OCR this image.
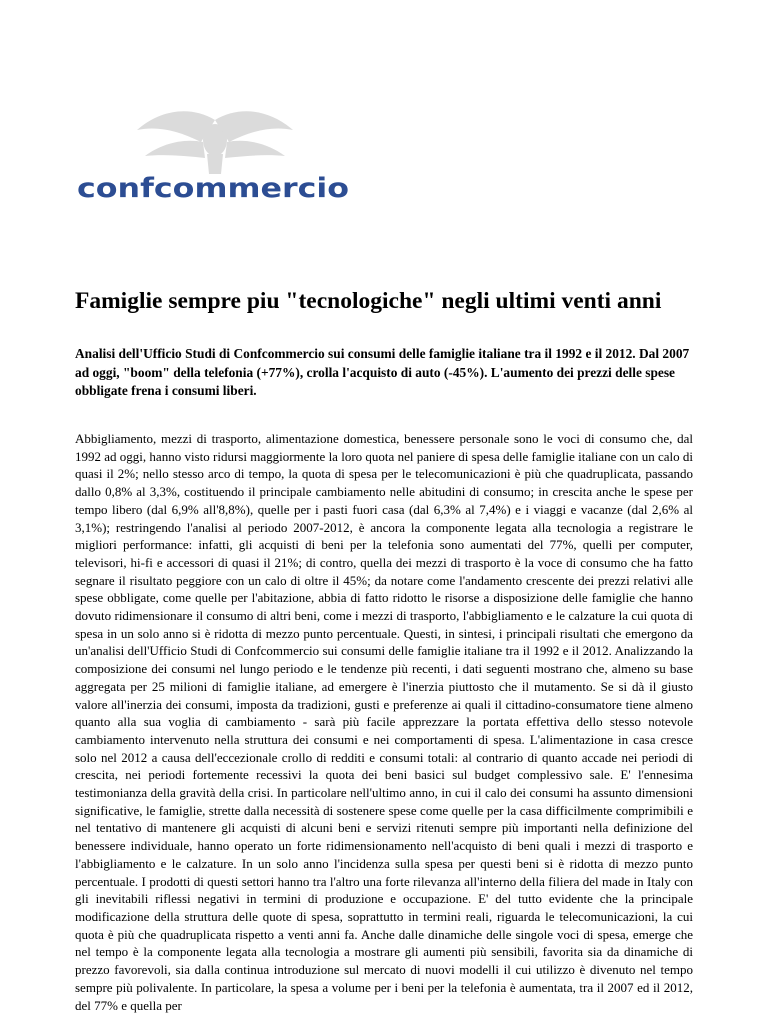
confcommercio
Famiglie sempre piu "tecnologiche" negli ultimi venti anni

Analisi dell'Ufficio Studi di Confcommercio sui consumi delle famiglie italiane tra il 1992 e il 2012. Dal 2007 ad oggi, "boom" della telefonia (+77%), crolla l'acquisto di auto (-45%). L'aumento dei prezzi delle spese obbligate frena i consumi liberi.

Abbigliamento, mezzi di trasporto, alimentazione domestica, benessere personale sono le voci di consumo che, dal 1992 ad oggi, hanno visto ridursi maggiormente la loro quota nel paniere di spesa delle famiglie italiane con un calo di quasi il 2%; nello stesso arco di tempo, la quota di spesa per le telecomunicazioni è più che quadruplicata, passando dallo 0,8% al 3,3%, costituendo il principale cambiamento nelle abitudini di consumo; in crescita anche le spese per tempo libero (dal 6,9% all'8,8%), quelle per i pasti fuori casa (dal 6,3% al 7,4%) e i viaggi e vacanze (dal 2,6% al 3,1%); restringendo l'analisi al periodo 2007-2012, è ancora la componente legata alla tecnologia a registrare le migliori performance: infatti, gli acquisti di beni per la telefonia sono aumentati del 77%, quelli per computer, televisori, hi-fi e accessori di quasi il 21%; di contro, quella dei mezzi di trasporto è la voce di consumo che ha fatto segnare il risultato peggiore con un calo di oltre il 45%; da notare come l'andamento crescente dei prezzi relativi alle spese obbligate, come quelle per l'abitazione, abbia di fatto ridotto le risorse a disposizione delle famiglie che hanno dovuto ridimensionare il consumo di altri beni, come i mezzi di trasporto, l'abbigliamento e le calzature la cui quota di spesa in un solo anno si è ridotta di mezzo punto percentuale. Questi, in sintesi, i principali risultati che emergono da un'analisi dell'Ufficio Studi di Confcommercio sui consumi delle famiglie italiane tra il 1992 e il 2012. Analizzando la composizione dei consumi nel lungo periodo e le tendenze più recenti, i dati seguenti mostrano che, almeno su base aggregata per 25 milioni di famiglie italiane, ad emergere è l'inerzia piuttosto che il mutamento. Se si dà il giusto valore all'inerzia dei consumi, imposta da tradizioni, gusti e preferenze ai quali il cittadino-consumatore tiene almeno quanto alla sua voglia di cambiamento - sarà più facile apprezzare la portata effettiva dello stesso notevole cambiamento intervenuto nella struttura dei consumi e nei comportamenti di spesa. L'alimentazione in casa cresce solo nel 2012 a causa dell'eccezionale crollo di redditi e consumi totali: al contrario di quanto accade nei periodi di crescita, nei periodi fortemente recessivi la quota dei beni basici sul budget complessivo sale. E' l'ennesima testimonianza della gravità della crisi. In particolare nell'ultimo anno, in cui il calo dei consumi ha assunto dimensioni significative, le famiglie, strette dalla necessità di sostenere spese come quelle per la casa difficilmente comprimibili e nel tentativo di mantenere gli acquisti di alcuni beni e servizi ritenuti sempre più importanti nella definizione del benessere individuale, hanno operato un forte ridimensionamento nell'acquisto di beni quali i mezzi di trasporto e l'abbigliamento e le calzature. In un solo anno l'incidenza sulla spesa per questi beni si è ridotta di mezzo punto percentuale. I prodotti di questi settori hanno tra l'altro una forte rilevanza all'interno della filiera del made in Italy con gli inevitabili riflessi negativi in termini di produzione e occupazione. E' del tutto evidente che la principale modificazione della struttura delle quote di spesa, soprattutto in termini reali, riguarda le telecomunicazioni, la cui quota è più che quadruplicata rispetto a venti anni fa. Anche dalle dinamiche delle singole voci di spesa, emerge che nel tempo è la componente legata alla tecnologia a mostrare gli aumenti più sensibili, favorita sia da dinamiche di prezzo favorevoli, sia dalla continua introduzione sul mercato di nuovi modelli il cui utilizzo è divenuto nel tempo sempre più polivalente. In particolare, la spesa a volume per i beni per la telefonia è aumentata, tra il 2007 ed il 2012, del 77% e quella per
